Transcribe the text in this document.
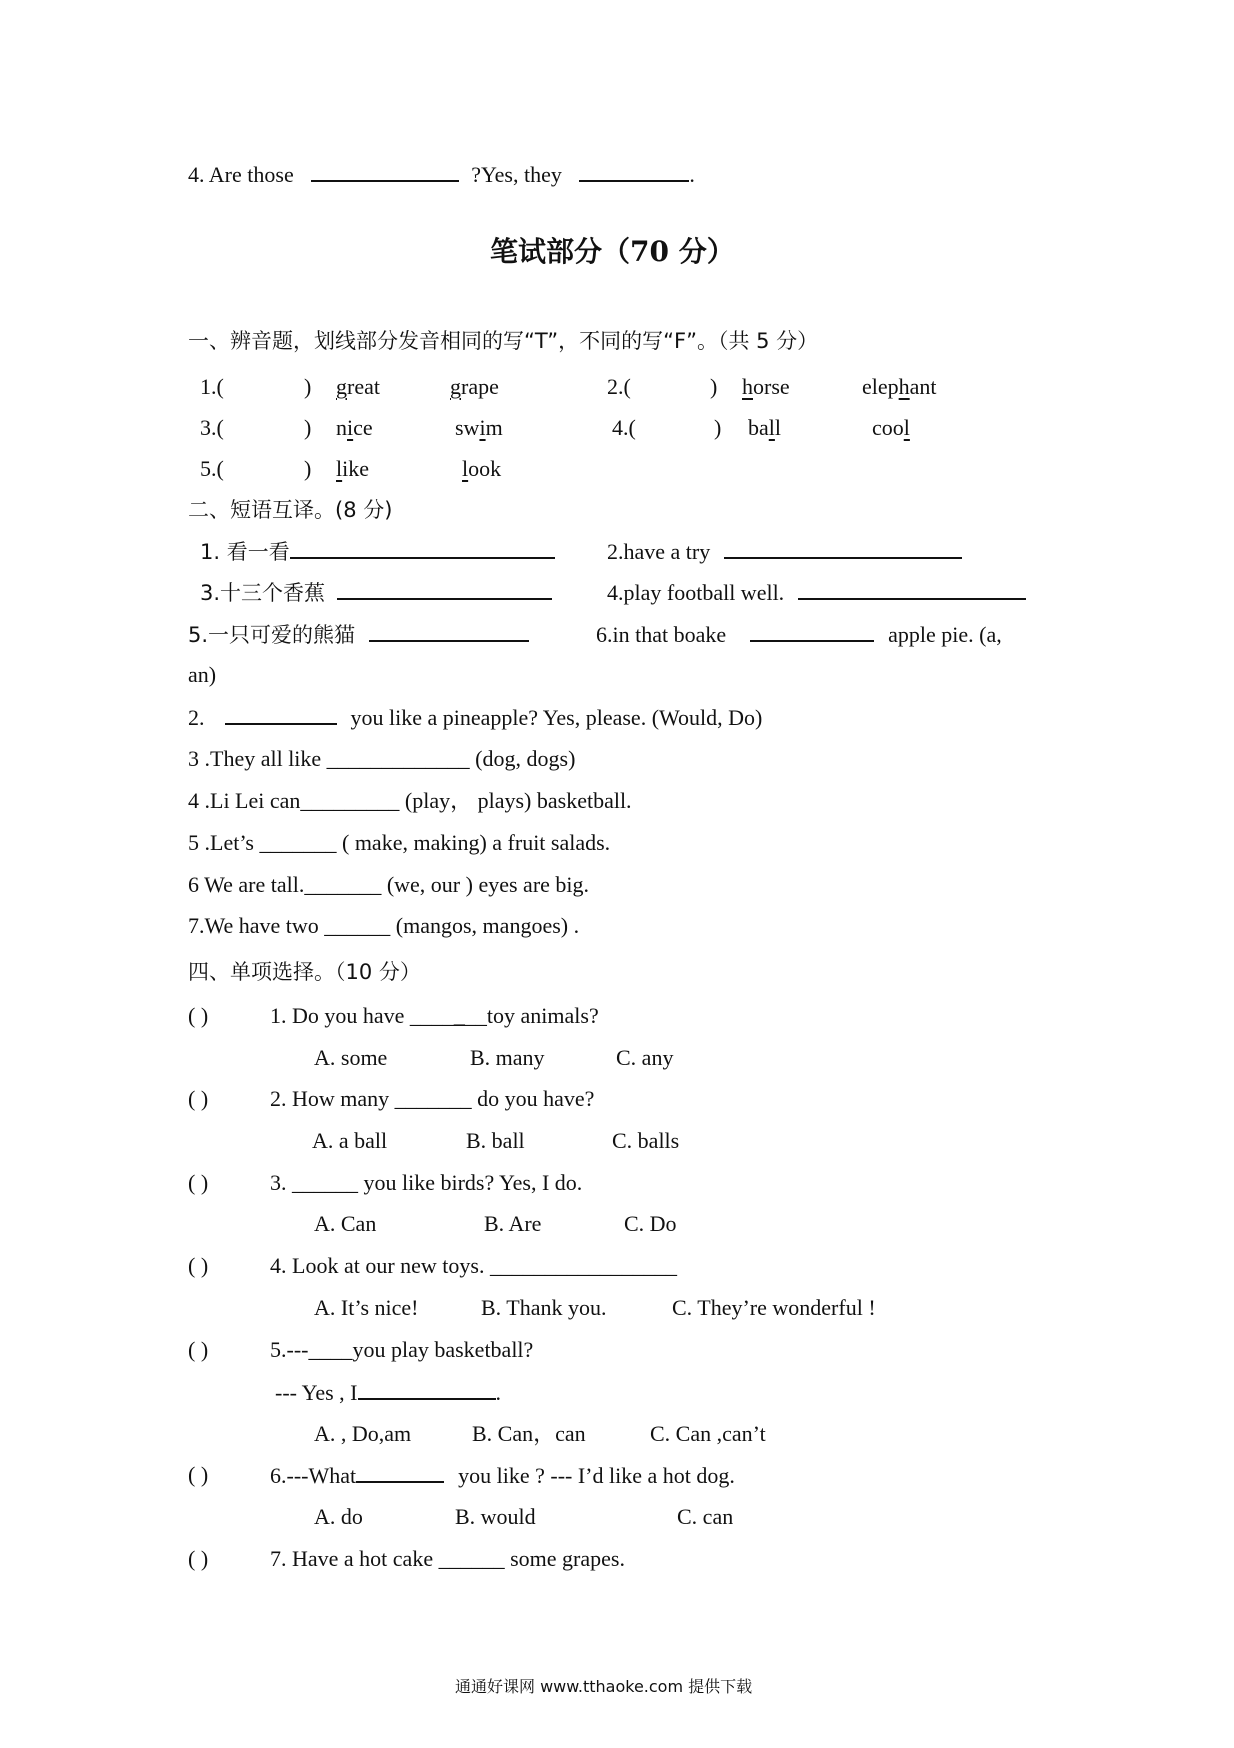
4. Are those	?Yes, they	.
笔试部分（70 分）
一、辨音题，划线部分发音相同的写“T”，不同的写“F”。（共 5 分）
1.(	) great	grape	2.(	) horse	elephant
3.(	) nice	swim	4.(	) ball	cool
5.(	) like	look
二、短语互译。(8 分)
1. 看一看	2.have a try
3.十三个香蕉	4.play football well.
5.一只可爱的熊猫	6.in that boake	apple pie. (a,
an)
2.	you like a pineapple? Yes, please. (Would, Do)
3 .They all like _____________ (dog, dogs)
4 .Li Lei can_________ (play， plays) basketball.
5 .Let’s _______ ( make, making) a fruit salads.
6 We are tall._______ (we, our ) eyes are big.
7.We have two ______ (mangos, mangoes) .
四、单项选择。（10 分）
( )	1. Do you have _______toy animals?
A. some	B. many	C. any
( )	2. How many _______ do you have?
A. a ball	B. ball	C. balls
( )	3. ______ you like birds? Yes, I do.
A. Can	B. Are	C. Do
( )	4. Look at our new toys. _________________
A. It’s nice!	B. Thank you.	C. They’re wonderful !
( )	5.---____you play basketball?
--- Yes , I	.
A. , Do,am	B. Can，can	C. Can ,can’t
( )	6.---What	you like ? --- I’d like a hot dog.
A. do	B. would	C. can
( )	7. Have a hot cake ______ some grapes.
通通好课网 www.tthaoke.com 提供下载
